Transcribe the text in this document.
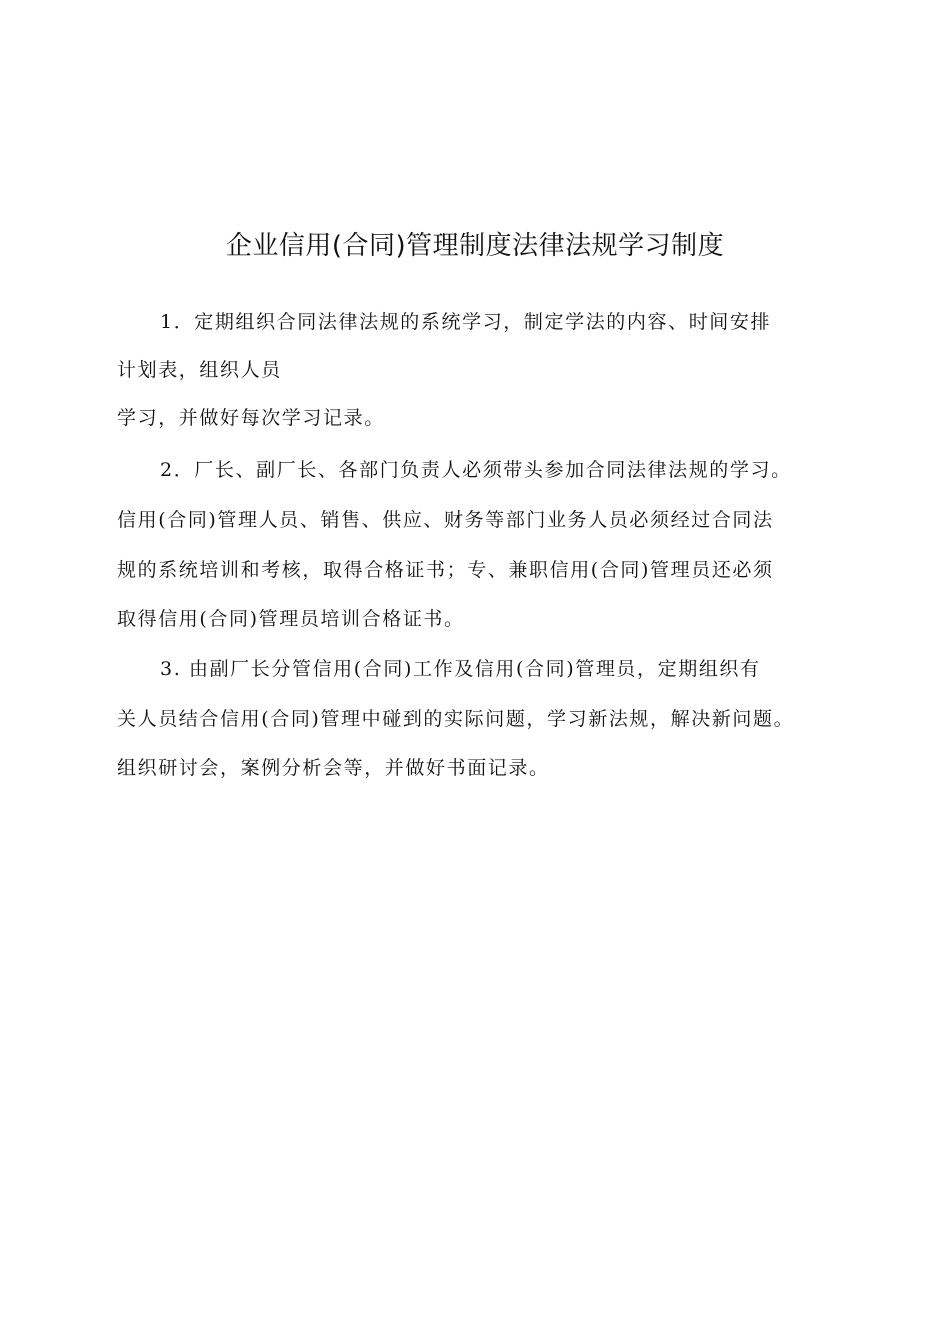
企业信用(合同)管理制度法律法规学习制度
1．定期组织合同法律法规的系统学习，制定学法的内容、时间安排
计划表，组织人员
学习，并做好每次学习记录。
2．厂长、副厂长、各部门负责人必须带头参加合同法律法规的学习。
信用(合同)管理人员、销售、供应、财务等部门业务人员必须经过合同法
规的系统培训和考核，取得合格证书；专、兼职信用(合同)管理员还必须
取得信用(合同)管理员培训合格证书。
3. 由副厂长分管信用(合同)工作及信用(合同)管理员，定期组织有
关人员结合信用(合同)管理中碰到的实际问题，学习新法规，解决新问题。
组织研讨会，案例分析会等，并做好书面记录。
